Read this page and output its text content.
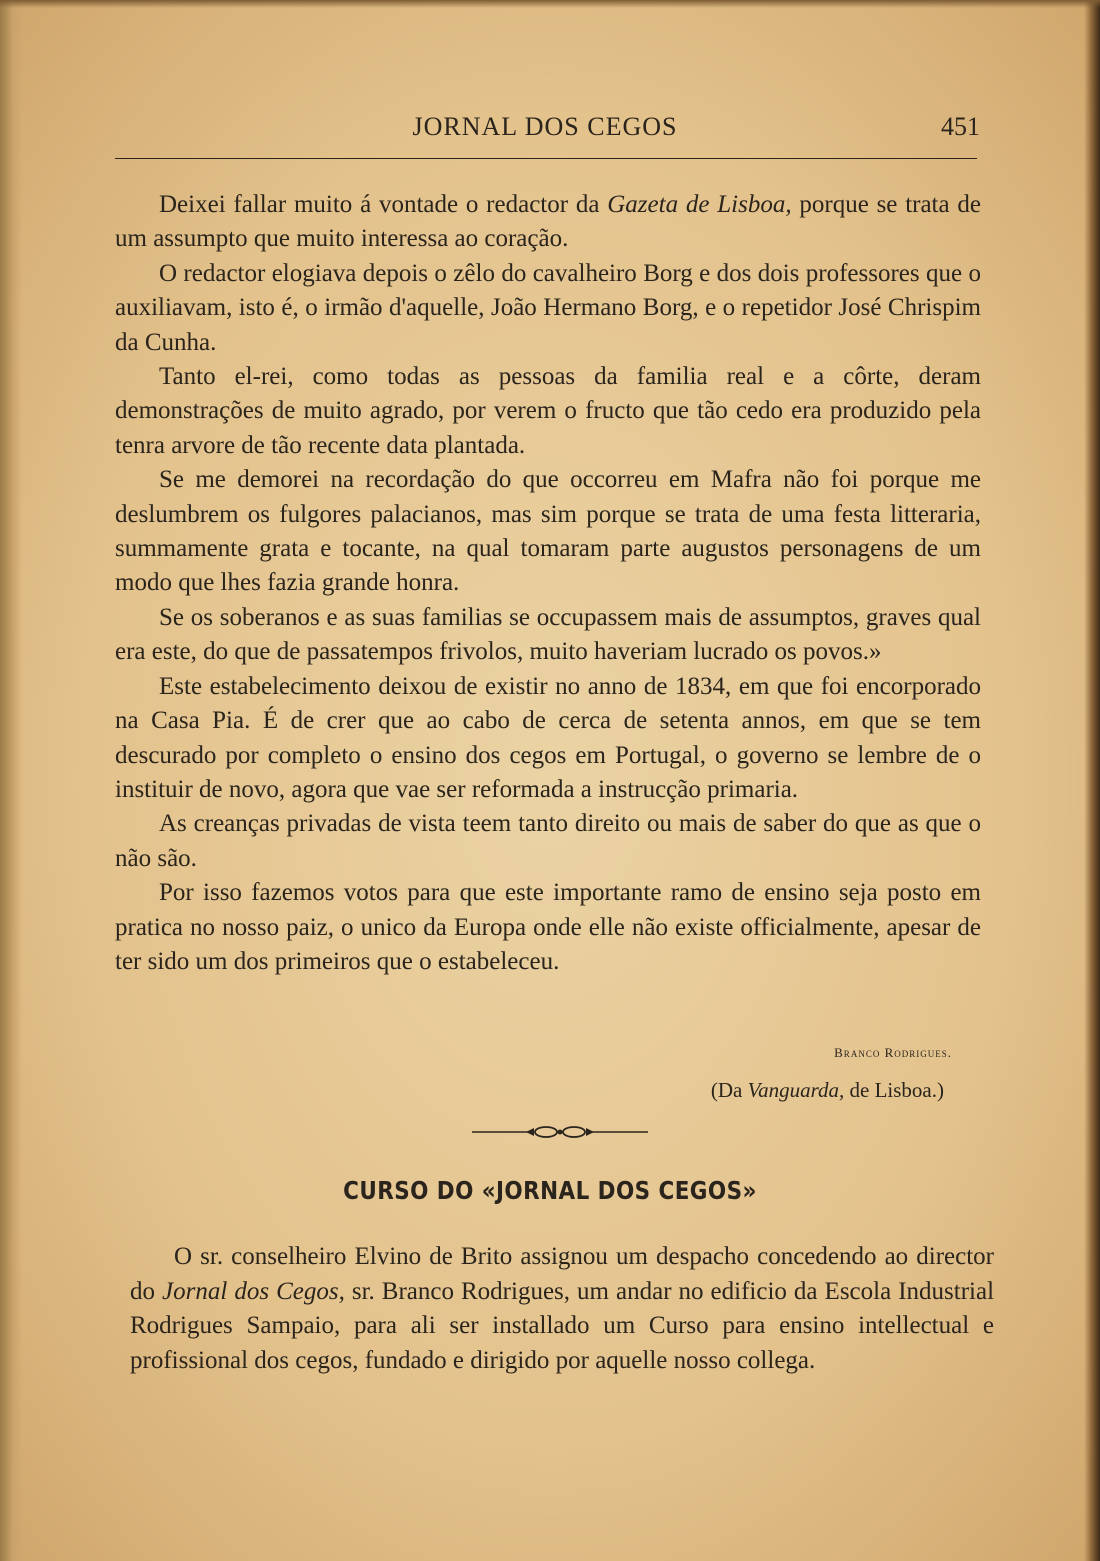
JORNAL DOS CEGOS	451

Deixei fallar muito á vontade o redactor da Gazeta de Lisboa, porque se trata de um assumpto que muito interessa ao coração.

O redactor elogiava depois o zêlo do cavalheiro Borg e dos dois professores que o auxiliavam, isto é, o irmão d'aquelle, João Hermano Borg, e o repetidor José Chrispim da Cunha.

Tanto el-rei, como todas as pessoas da familia real e a côrte, deram demonstrações de muito agrado, por verem o fructo que tão cedo era produzido pela tenra arvore de tão recente data plantada.

Se me demorei na recordação do que occorreu em Mafra não foi porque me deslumbrem os fulgores palacianos, mas sim porque se trata de uma festa litteraria, summamente grata e tocante, na qual tomaram parte augustos personagens de um modo que lhes fazia grande honra.

Se os soberanos e as suas familias se occupassem mais de assumptos, graves qual era este, do que de passatempos frivolos, muito haveriam lucrado os povos.»

Este estabelecimento deixou de existir no anno de 1834, em que foi encorporado na Casa Pia. É de crer que ao cabo de cerca de setenta annos, em que se tem descurado por completo o ensino dos cegos em Portugal, o governo se lembre de o instituir de novo, agora que vae ser reformada a instrucção primaria.

As creanças privadas de vista teem tanto direito ou mais de saber do que as que o não são.

Por isso fazemos votos para que este importante ramo de ensino seja posto em pratica no nosso paiz, o unico da Europa onde elle não existe officialmente, apesar de ter sido um dos primeiros que o estabeleceu.

Branco Rodrigues.
(Da Vanguarda, de Lisboa.)
CURSO DO «JORNAL DOS CEGOS»

O sr. conselheiro Elvino de Brito assignou um despacho concedendo ao director do Jornal dos Cegos, sr. Branco Rodrigues, um andar no edificio da Escola Industrial Rodrigues Sampaio, para ali ser installado um Curso para ensino intellectual e profissional dos cegos, fundado e dirigido por aquelle nosso collega.
